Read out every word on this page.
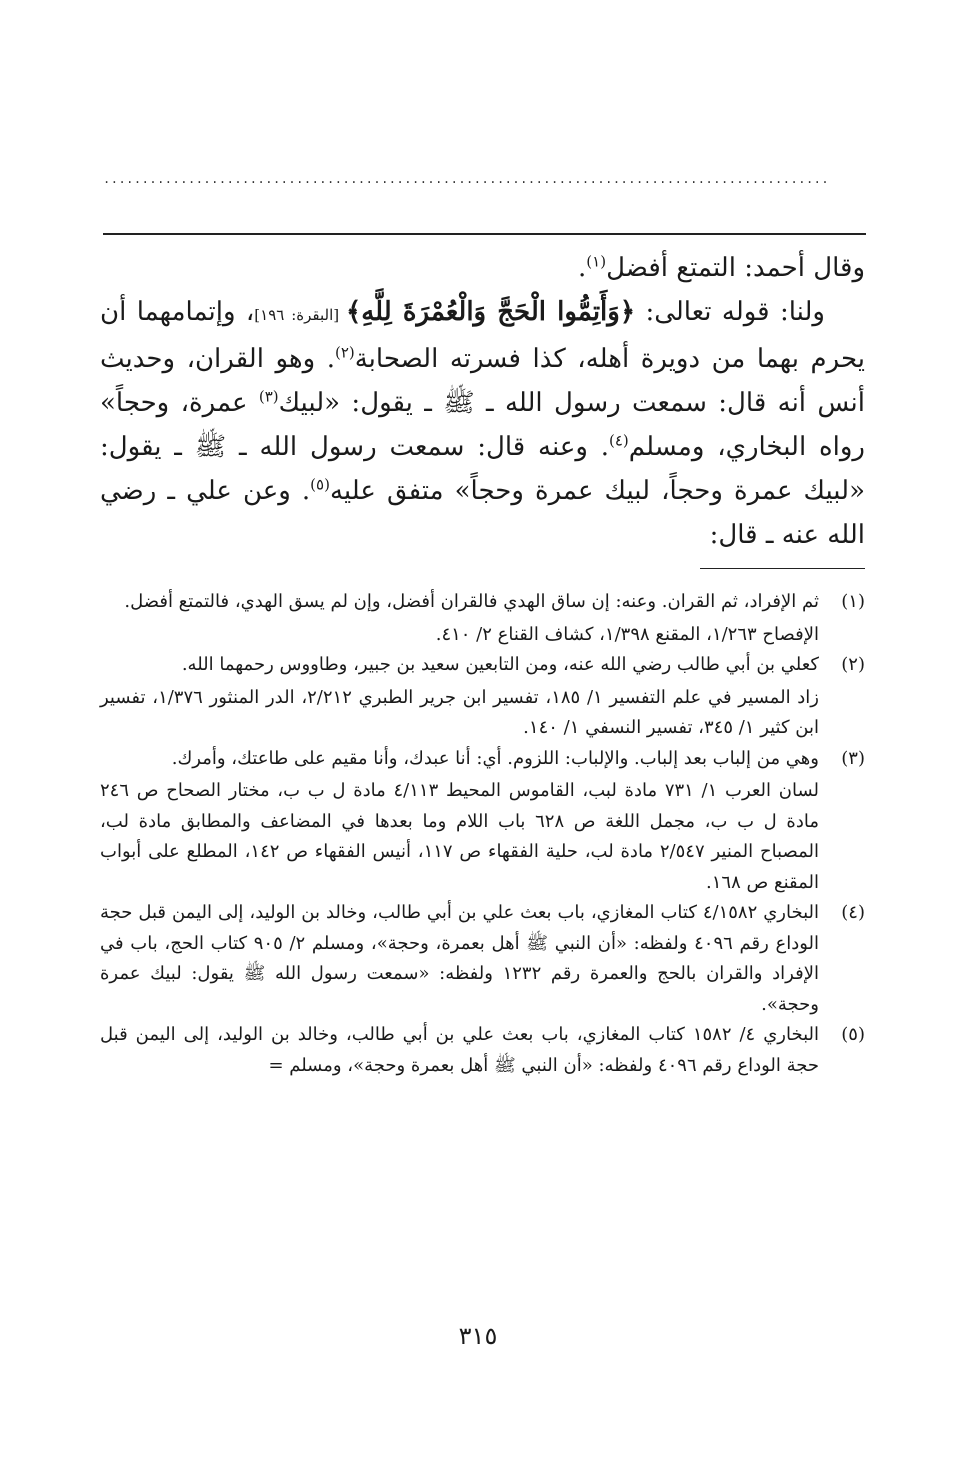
..............................................................................................

وقال أحمد: التمتع أفضل$^{(١)}$.

ولنا: قوله تعالى: ﴿وَأَتِمُّوا الْحَجَّ وَالْعُمْرَةَ لِلَّهِ﴾ [البقرة: ١٩٦]، وإتمامهما أن يحرم بهما من دويرة أهله، كذا فسرته الصحابة$^{(٢)}$. وهو القران، وحديث أنس أنه قال: سمعت رسول الله ـ ﷺ ـ يقول: «لبيك$^{(٣)}$ عمرة، وحجاً» رواه البخاري، ومسلم$^{(٤)}$. وعنه قال: سمعت رسول الله ـ ﷺ ـ يقول: «لبيك عمرة وحجاً، لبيك عمرة وحجاً» متفق عليه$^{(٥)}$. وعن علي ـ رضي الله عنه ـ قال:

(١)

ثم الإفراد، ثم القران. وعنه: إن ساق الهدي فالقران أفضل، وإن لم يسق الهدي، فالتمتع أفضل.

الإفصاح ١/٢٦٣، المقنع ١/٣٩٨، كشاف القناع ٢/ ٤١٠.

(٢)

كعلي بن أبي طالب رضي الله عنه، ومن التابعين سعيد بن جبير، وطاووس رحمهما الله.

زاد المسير في علم التفسير ١/ ١٨٥، تفسير ابن جرير الطبري ٢/٢١٢، الدر المنثور ١/٣٧٦، تفسير ابن كثير ١/ ٣٤٥، تفسير النسفي ١/ ١٤٠.

(٣)

وهي من إلباب بعد إلباب. والإلباب: اللزوم. أي: أنا عبدك، وأنا مقيم على طاعتك، وأمرك.

لسان العرب ١/ ٧٣١ مادة لبب، القاموس المحيط ٤/١١٣ مادة ل ب ب، مختار الصحاح ص ٢٤٦ مادة ل ب ب، مجمل اللغة ص ٦٢٨ باب اللام وما بعدها في المضاعف والمطابق مادة لب، المصباح المنير ٢/٥٤٧ مادة لب، حلية الفقهاء ص ١١٧، أنيس الفقهاء ص ١٤٢، المطلع على أبواب المقنع ص ١٦٨.

(٤)

البخاري ٤/١٥٨٢ كتاب المغازي، باب بعث علي بن أبي طالب، وخالد بن الوليد، إلى اليمن قبل حجة الوداع رقم ٤٠٩٦ ولفظه: «أن النبي ﷺ أهل بعمرة، وحجة»، ومسلم ٢/ ٩٠٥ كتاب الحج، باب في الإفراد والقران بالحج والعمرة رقم ١٢٣٢ ولفظه: «سمعت رسول الله ﷺ يقول: لبيك عمرة وحجة».

(٥)

البخاري ٤/ ١٥٨٢ كتاب المغازي، باب بعث علي بن أبي طالب، وخالد بن الوليد، إلى اليمن قبل حجة الوداع رقم ٤٠٩٦ ولفظه: «أن النبي ﷺ أهل بعمرة وحجة»، ومسلم =

٣١٥
